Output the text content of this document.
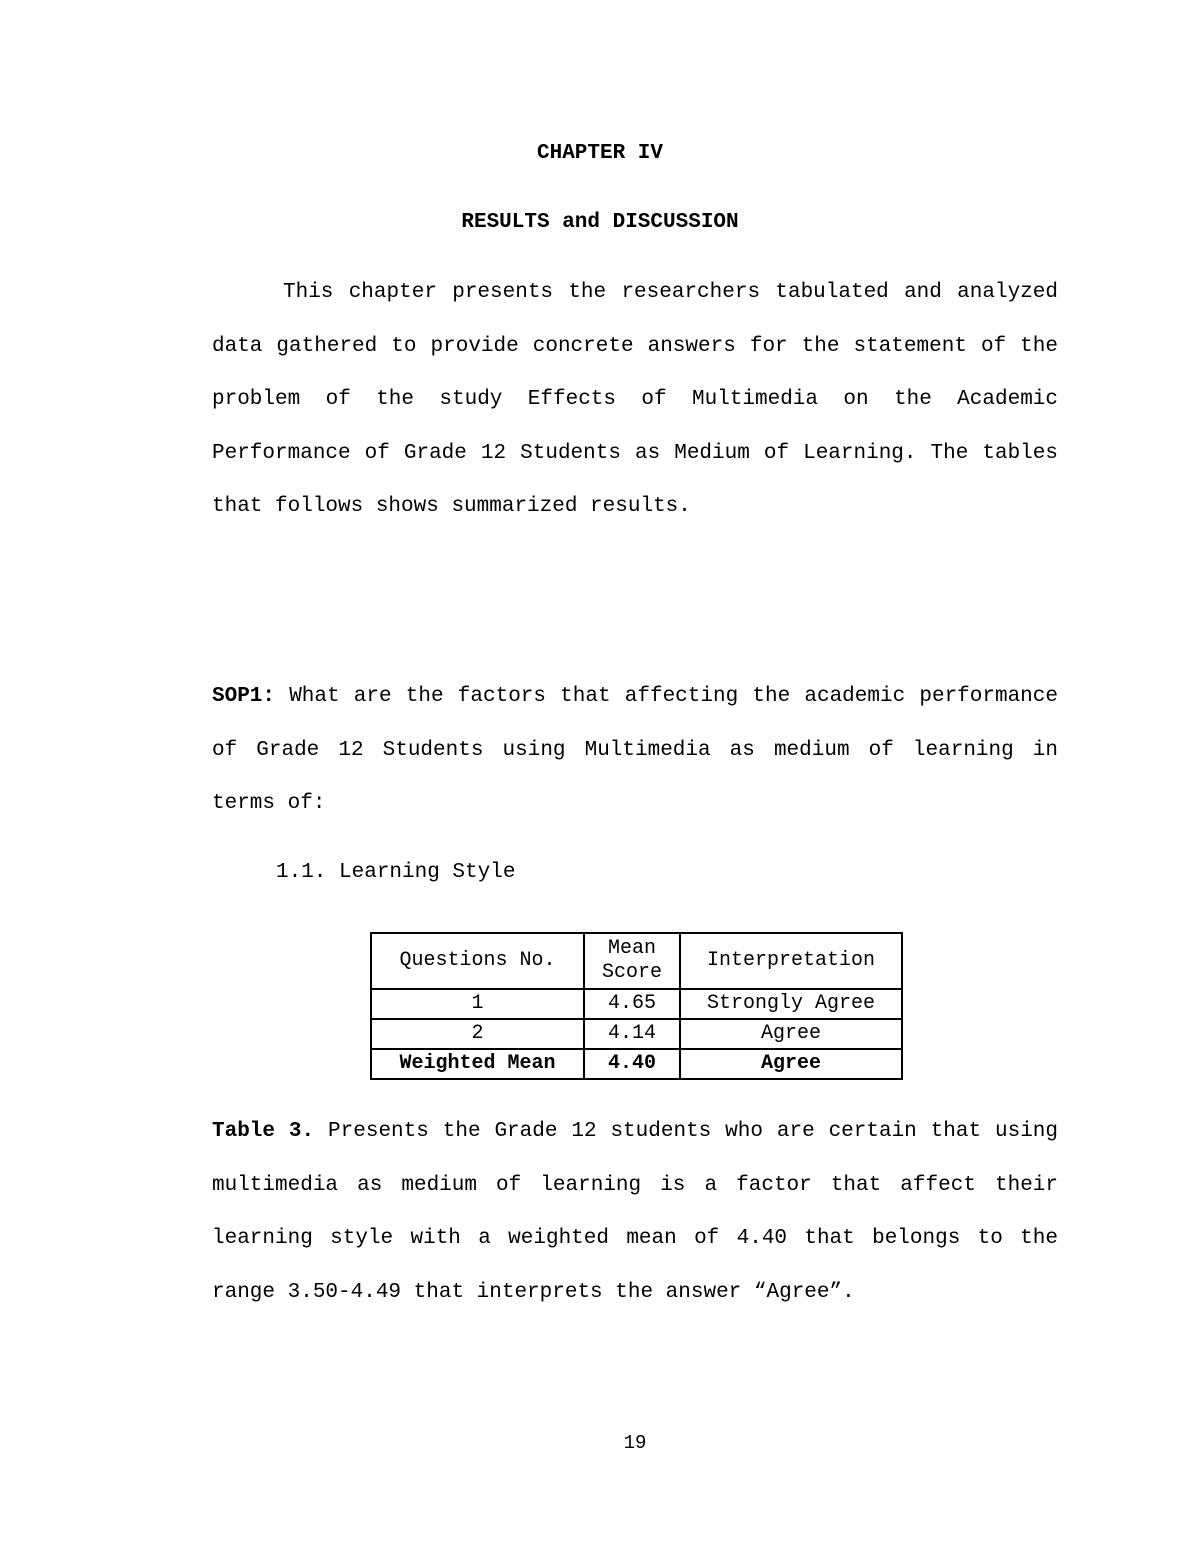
CHAPTER IV
RESULTS and DISCUSSION
This chapter presents the researchers tabulated and analyzed data gathered to provide concrete answers for the statement of the problem of the study Effects of Multimedia on the Academic Performance of Grade 12 Students as Medium of Learning. The tables that follows shows summarized results.
SOP1: What are the factors that affecting the academic performance of Grade 12 Students using Multimedia as medium of learning in terms of:
1.1. Learning Style
Questions No.	Mean Score	Interpretation
1	4.65	Strongly Agree
2	4.14	Agree
Weighted Mean	4.40	Agree
Table 3. Presents the Grade 12 students who are certain that using multimedia as medium of learning is a factor that affect their learning style with a weighted mean of 4.40 that belongs to the range 3.50-4.49 that interprets the answer “Agree”.
19
